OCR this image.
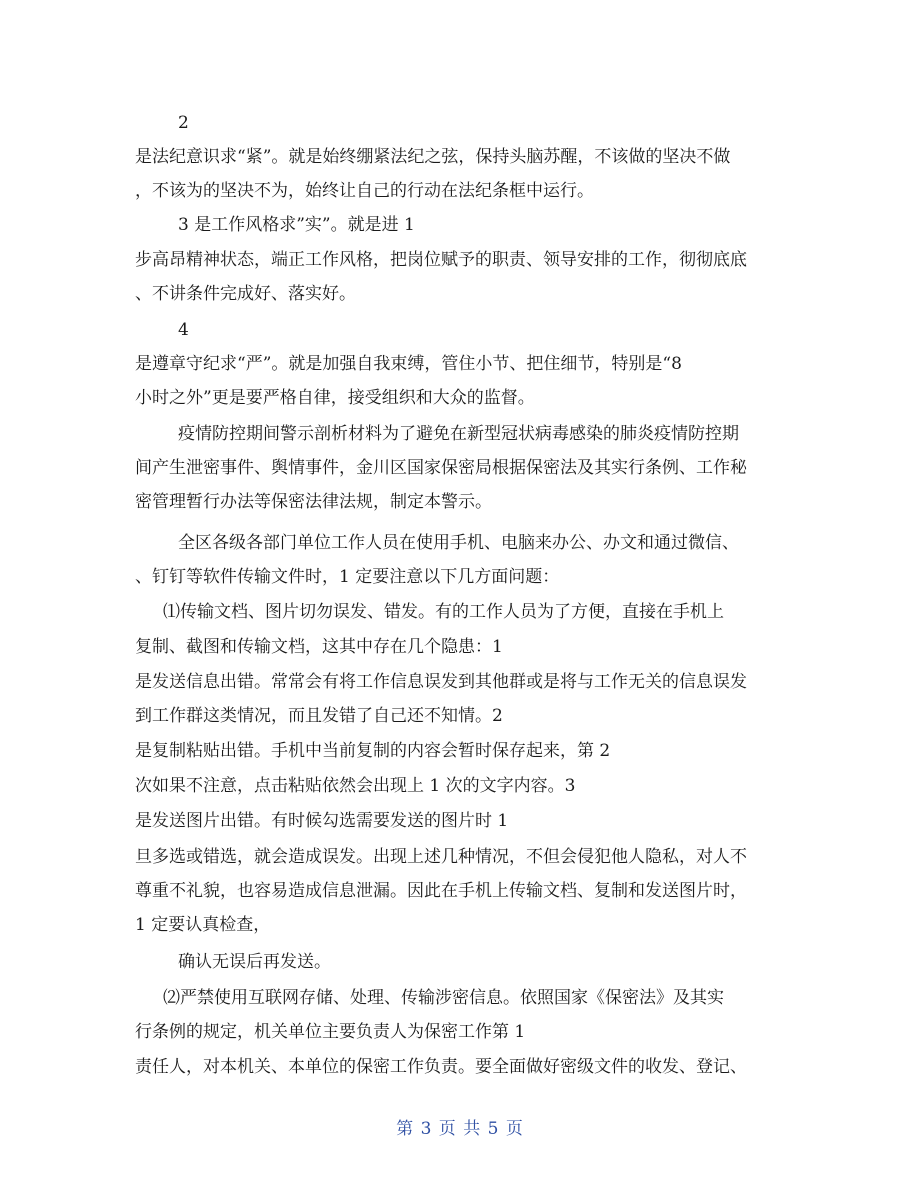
2
是法纪意识求“紧”。就是始终绷紧法纪之弦，保持头脑苏醒，不该做的坚决不做
，不该为的坚决不为，始终让自己的行动在法纪条框中运行。
3 是工作风格求”实”。就是进 1
步高昂精神状态，端正工作风格，把岗位赋予的职责、领导安排的工作，彻彻底底
、不讲条件完成好、落实好。
4
是遵章守纪求“严”。就是加强自我束缚，管住小节、把住细节，特别是“8
小时之外”更是要严格自律，接受组织和大众的监督。
疫情防控期间警示剖析材料为了避免在新型冠状病毒感染的肺炎疫情防控期
间产生泄密事件、舆情事件，金川区国家保密局根据保密法及其实行条例、工作秘
密管理暂行办法等保密法律法规，制定本警示。
全区各级各部门单位工作人员在使用手机、电脑来办公、办文和通过微信、
、钉钉等软件传输文件时，1 定要注意以下几方面问题：
⑴传输文档、图片切勿误发、错发。有的工作人员为了方便，直接在手机上
复制、截图和传输文档，这其中存在几个隐患：1
是发送信息出错。常常会有将工作信息误发到其他群或是将与工作无关的信息误发
到工作群这类情况，而且发错了自己还不知情。2
是复制粘贴出错。手机中当前复制的内容会暂时保存起来，第 2
次如果不注意，点击粘贴依然会出现上 1 次的文字内容。3
是发送图片出错。有时候勾选需要发送的图片时 1
旦多选或错选，就会造成误发。出现上述几种情况，不但会侵犯他人隐私，对人不
尊重不礼貌，也容易造成信息泄漏。因此在手机上传输文档、复制和发送图片时，
1 定要认真检查，
确认无误后再发送。
⑵严禁使用互联网存储、处理、传输涉密信息。依照国家《保密法》及其实
行条例的规定，机关单位主要负责人为保密工作第 1
责任人，对本机关、本单位的保密工作负责。要全面做好密级文件的收发、登记、
第 3 页 共 5 页
